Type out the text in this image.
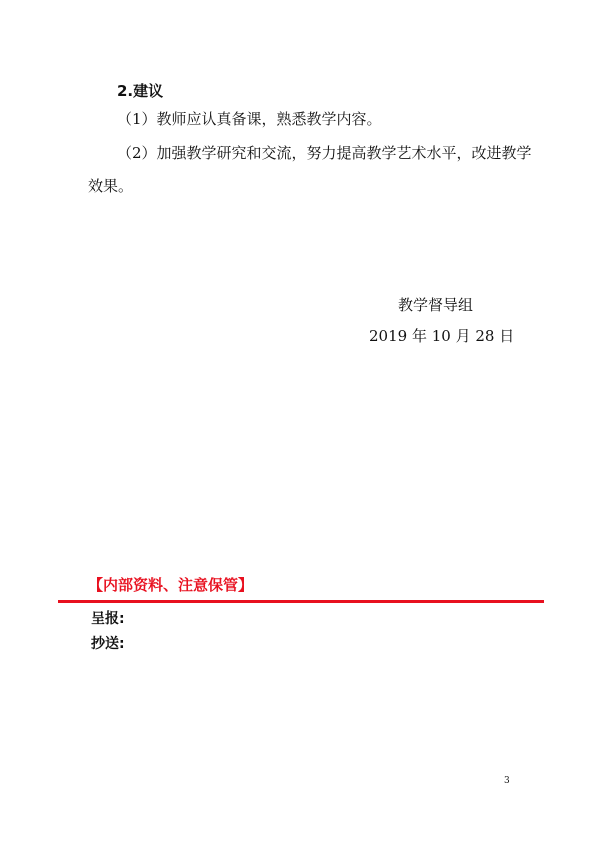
2.建议
（1）教师应认真备课，熟悉教学内容。
（2）加强教学研究和交流，努力提高教学艺术水平，改进教学
效果。
教学督导组
2019 年 10 月 28 日
【内部资料、注意保管】
呈报:
抄送:
3
